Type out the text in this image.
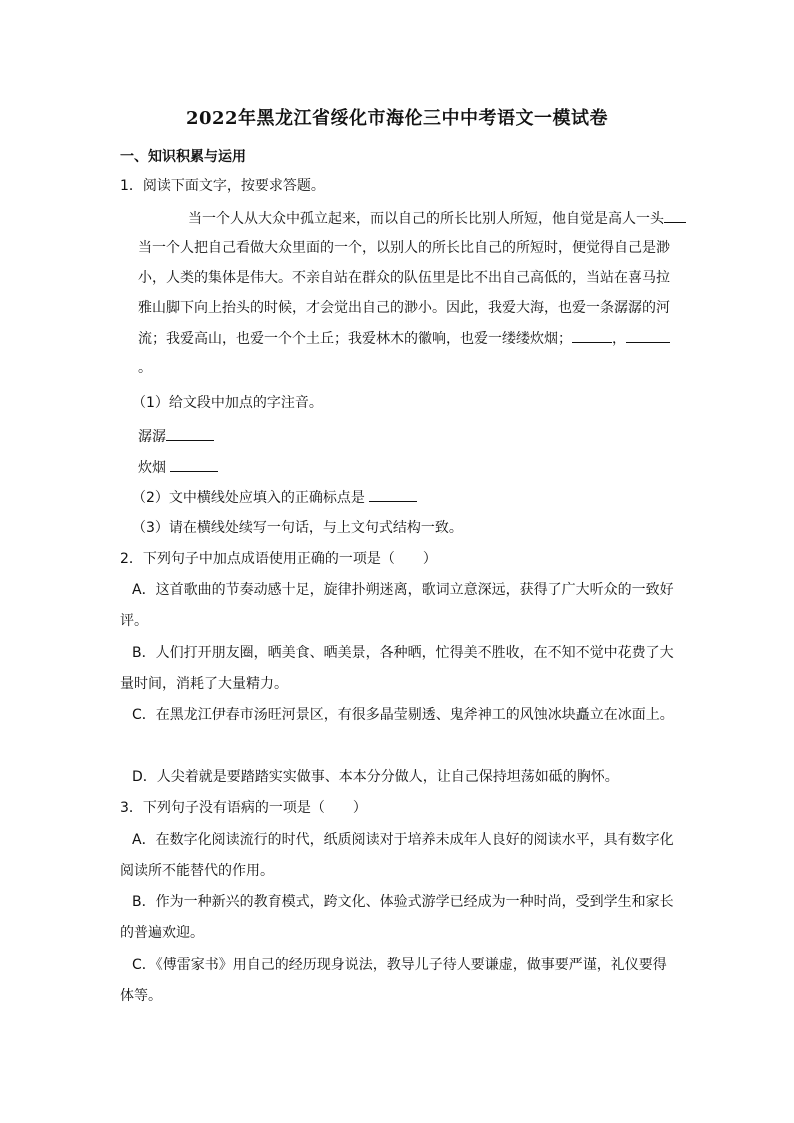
2022年黑龙江省绥化市海伦三中中考语文一模试卷
一、知识积累与运用
1．阅读下面文字，按要求答题。
当一个人从大众中孤立起来，而以自己的所长比别人所短，他自觉是高人一头
当一个人把自己看做大众里面的一个，以别人的所长比自己的所短时，便觉得自己是渺
小，人类的集体是伟大。不亲自站在群众的队伍里是比不出自己高低的，当站在喜马拉
雅山脚下向上抬头的时候，才会觉出自己的渺小。因此，我爱大海，也爱一条潺潺的河
流；我爱高山，也爱一个个土丘；我爱林木的徽响，也爱一缕缕炊烟；	，
。
（1）给文段中加点的字注音。
潺潺
炊烟
（2）文中横线处应填入的正确标点是
（3）请在横线处续写一句话，与上文句式结构一致。
2．下列句子中加点成语使用正确的一项是（　　）
A．这首歌曲的节奏动感十足，旋律扑朔迷离，歌词立意深远，获得了广大听众的一致好
评。
B．人们打开朋友圈，晒美食、晒美景，各种晒，忙得美不胜收，在不知不觉中花费了大
量时间，消耗了大量精力。
C．在黑龙江伊春市汤旺河景区，有很多晶莹剔透、鬼斧神工的风蚀冰块矗立在冰面上。
D．人尖着就是要踏踏实实做事、本本分分做人，让自己保持坦荡如砥的胸怀。
3．下列句子没有语病的一项是（　　）
A．在数字化阅读流行的时代，纸质阅读对于培养未成年人良好的阅读水平，具有数字化
阅读所不能替代的作用。
B．作为一种新兴的教育模式，跨文化、体验式游学已经成为一种时尚，受到学生和家长
的普遍欢迎。
C．《傅雷家书》用自己的经历现身说法，教导儿子待人要谦虚，做事要严谨，礼仪要得
体等。
